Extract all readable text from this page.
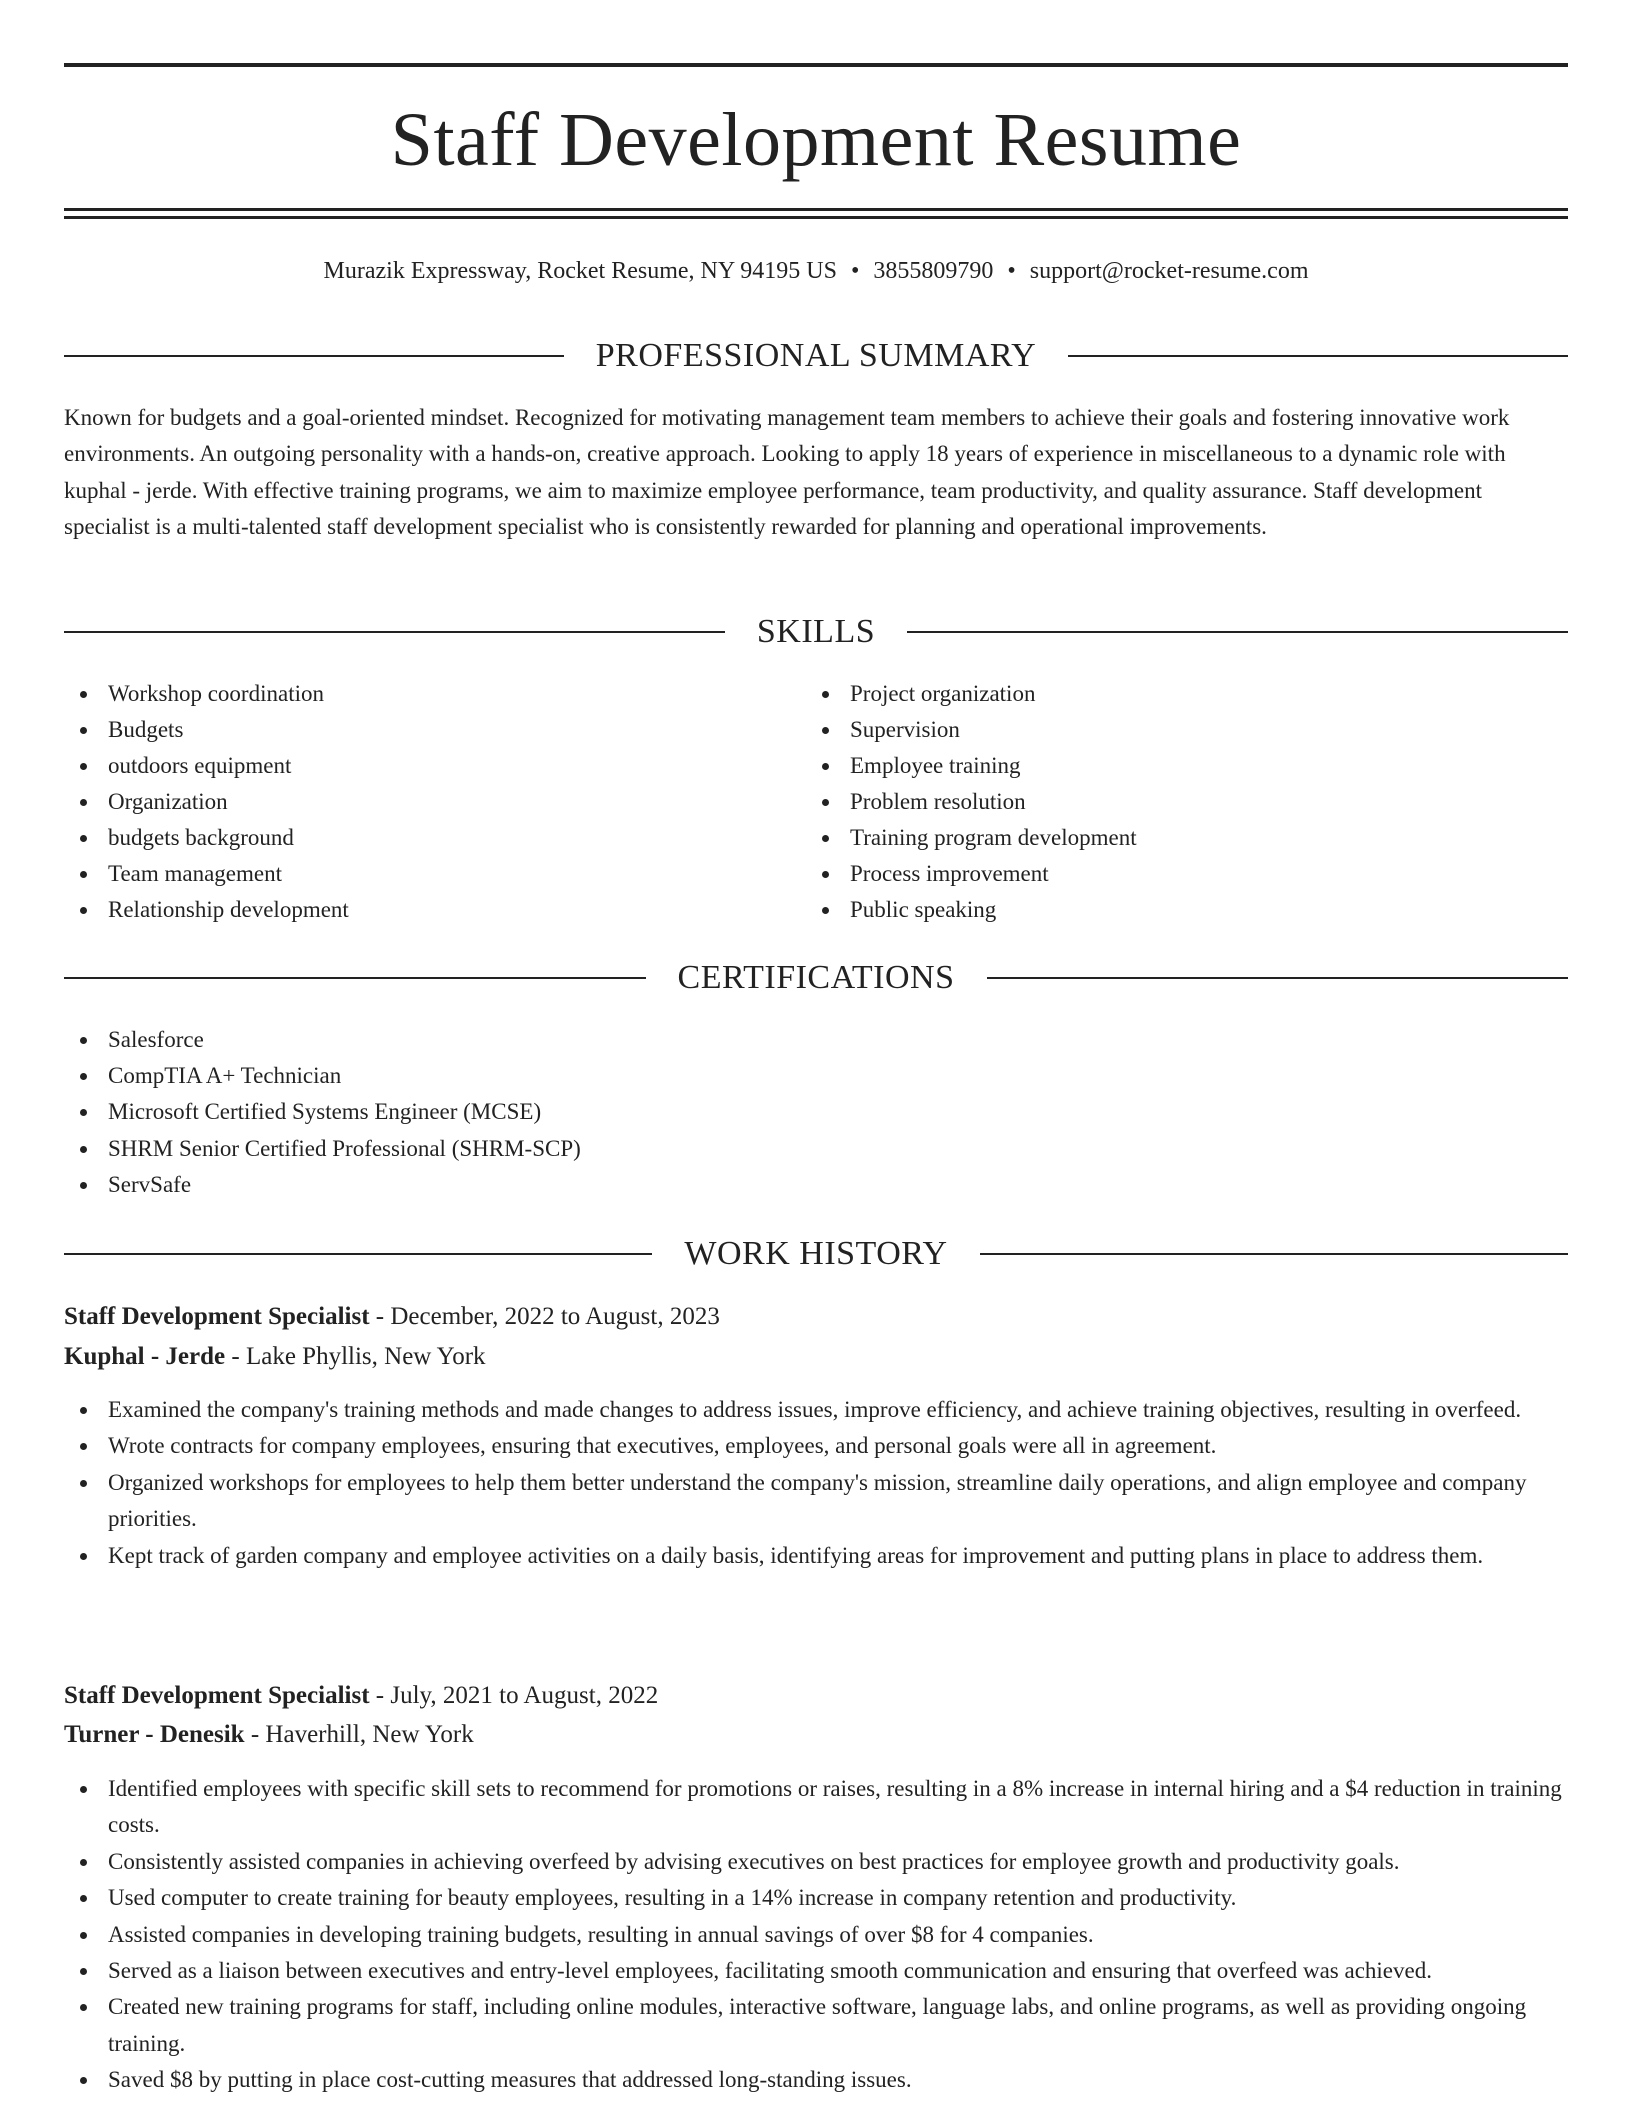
Staff Development Resume
Murazik Expressway, Rocket Resume, NY 94195 US • 3855809790 • support@rocket-resume.com
PROFESSIONAL SUMMARY

Known for budgets and a goal-oriented mindset. Recognized for motivating management team members to achieve their goals and fostering innovative work environments. An outgoing personality with a hands-on, creative approach. Looking to apply 18 years of experience in miscellaneous to a dynamic role with kuphal - jerde. With effective training programs, we aim to maximize employee performance, team productivity, and quality assurance. Staff development specialist is a multi-talented staff development specialist who is consistently rewarded for planning and operational improvements.

SKILLS
Workshop coordination
Budgets
outdoors equipment
Organization
budgets background
Team management
Relationship development
Project organization
Supervision
Employee training
Problem resolution
Training program development
Process improvement
Public speaking
CERTIFICATIONS
Salesforce
CompTIA A+ Technician
Microsoft Certified Systems Engineer (MCSE)
SHRM Senior Certified Professional (SHRM-SCP)
ServSafe
WORK HISTORY
Staff Development Specialist - December, 2022 to August, 2023
Kuphal - Jerde - Lake Phyllis, New York
Examined the company's training methods and made changes to address issues, improve efficiency, and achieve training objectives, resulting in overfeed.
Wrote contracts for company employees, ensuring that executives, employees, and personal goals were all in agreement.
Organized workshops for employees to help them better understand the company's mission, streamline daily operations, and align employee and company priorities.
Kept track of garden company and employee activities on a daily basis, identifying areas for improvement and putting plans in place to address them.
Staff Development Specialist - July, 2021 to August, 2022
Turner - Denesik - Haverhill, New York
Identified employees with specific skill sets to recommend for promotions or raises, resulting in a 8% increase in internal hiring and a $4 reduction in training costs.
Consistently assisted companies in achieving overfeed by advising executives on best practices for employee growth and productivity goals.
Used computer to create training for beauty employees, resulting in a 14% increase in company retention and productivity.
Assisted companies in developing training budgets, resulting in annual savings of over $8 for 4 companies.
Served as a liaison between executives and entry-level employees, facilitating smooth communication and ensuring that overfeed was achieved.
Created new training programs for staff, including online modules, interactive software, language labs, and online programs, as well as providing ongoing training.
Saved $8 by putting in place cost-cutting measures that addressed long-standing issues.
